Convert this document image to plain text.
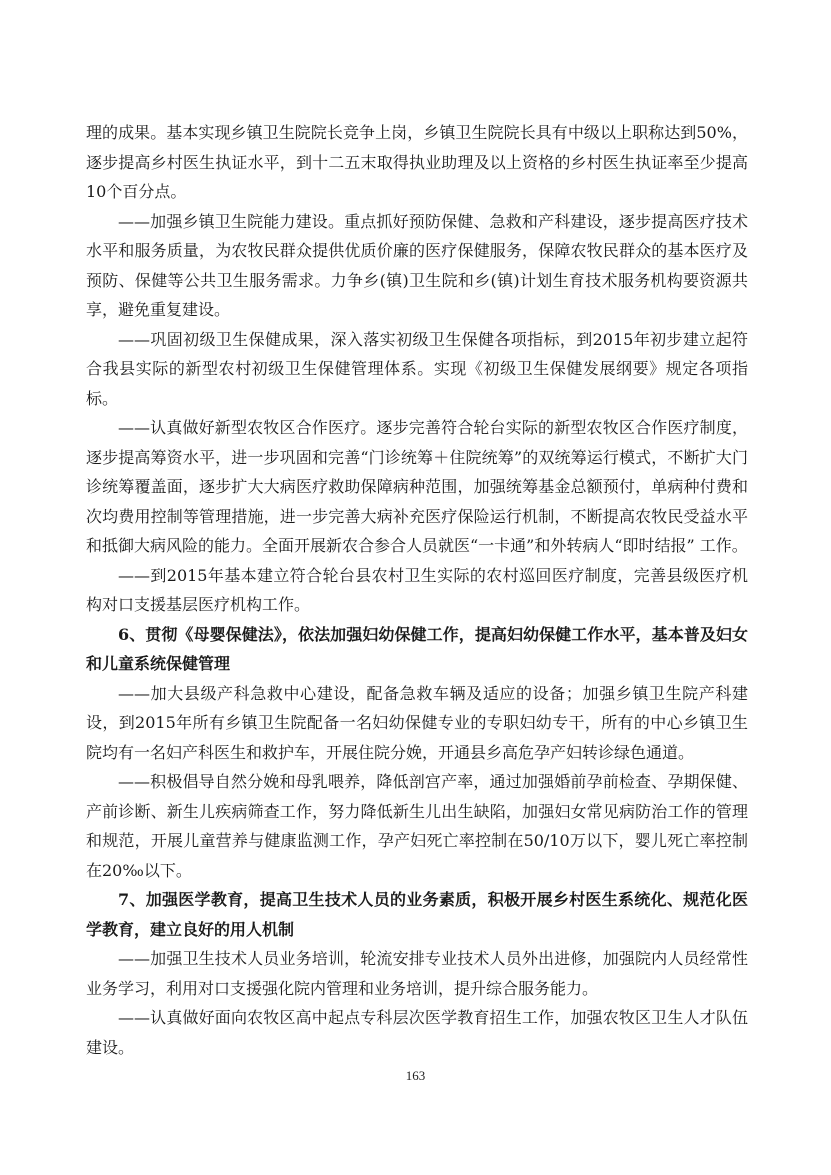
理的成果。基本实现乡镇卫生院院长竞争上岗，乡镇卫生院院长具有中级以上职称达到50%，逐步提高乡村医生执证水平，到十二五末取得执业助理及以上资格的乡村医生执证率至少提高10个百分点。

——加强乡镇卫生院能力建设。重点抓好预防保健、急救和产科建设，逐步提高医疗技术水平和服务质量，为农牧民群众提供优质价廉的医疗保健服务，保障农牧民群众的基本医疗及预防、保健等公共卫生服务需求。力争乡(镇)卫生院和乡(镇)计划生育技术服务机构要资源共享，避免重复建设。

——巩固初级卫生保健成果，深入落实初级卫生保健各项指标，到2015年初步建立起符合我县实际的新型农村初级卫生保健管理体系。实现《初级卫生保健发展纲要》规定各项指标。

——认真做好新型农牧区合作医疗。逐步完善符合轮台实际的新型农牧区合作医疗制度，逐步提高筹资水平，进一步巩固和完善“门诊统筹＋住院统筹”的双统筹运行模式，不断扩大门诊统筹覆盖面，逐步扩大大病医疗救助保障病种范围，加强统筹基金总额预付，单病种付费和次均费用控制等管理措施，进一步完善大病补充医疗保险运行机制，不断提高农牧民受益水平和抵御大病风险的能力。全面开展新农合参合人员就医“一卡通”和外转病人“即时结报” 工作。

——到2015年基本建立符合轮台县农村卫生实际的农村巡回医疗制度，完善县级医疗机构对口支援基层医疗机构工作。

6、贯彻《母婴保健法》，依法加强妇幼保健工作，提高妇幼保健工作水平，基本普及妇女和儿童系统保健管理

——加大县级产科急救中心建设，配备急救车辆及适应的设备；加强乡镇卫生院产科建设，到2015年所有乡镇卫生院配备一名妇幼保健专业的专职妇幼专干，所有的中心乡镇卫生院均有一名妇产科医生和救护车，开展住院分娩，开通县乡高危孕产妇转诊绿色通道。

——积极倡导自然分娩和母乳喂养，降低剖宫产率，通过加强婚前孕前检查、孕期保健、产前诊断、新生儿疾病筛查工作，努力降低新生儿出生缺陷，加强妇女常见病防治工作的管理和规范，开展儿童营养与健康监测工作，孕产妇死亡率控制在50/10万以下，婴儿死亡率控制在20‰以下。

7、加强医学教育，提高卫生技术人员的业务素质，积极开展乡村医生系统化、规范化医学教育，建立良好的用人机制

——加强卫生技术人员业务培训，轮流安排专业技术人员外出进修，加强院内人员经常性业务学习，利用对口支援强化院内管理和业务培训，提升综合服务能力。

——认真做好面向农牧区高中起点专科层次医学教育招生工作，加强农牧区卫生人才队伍建设。

163
